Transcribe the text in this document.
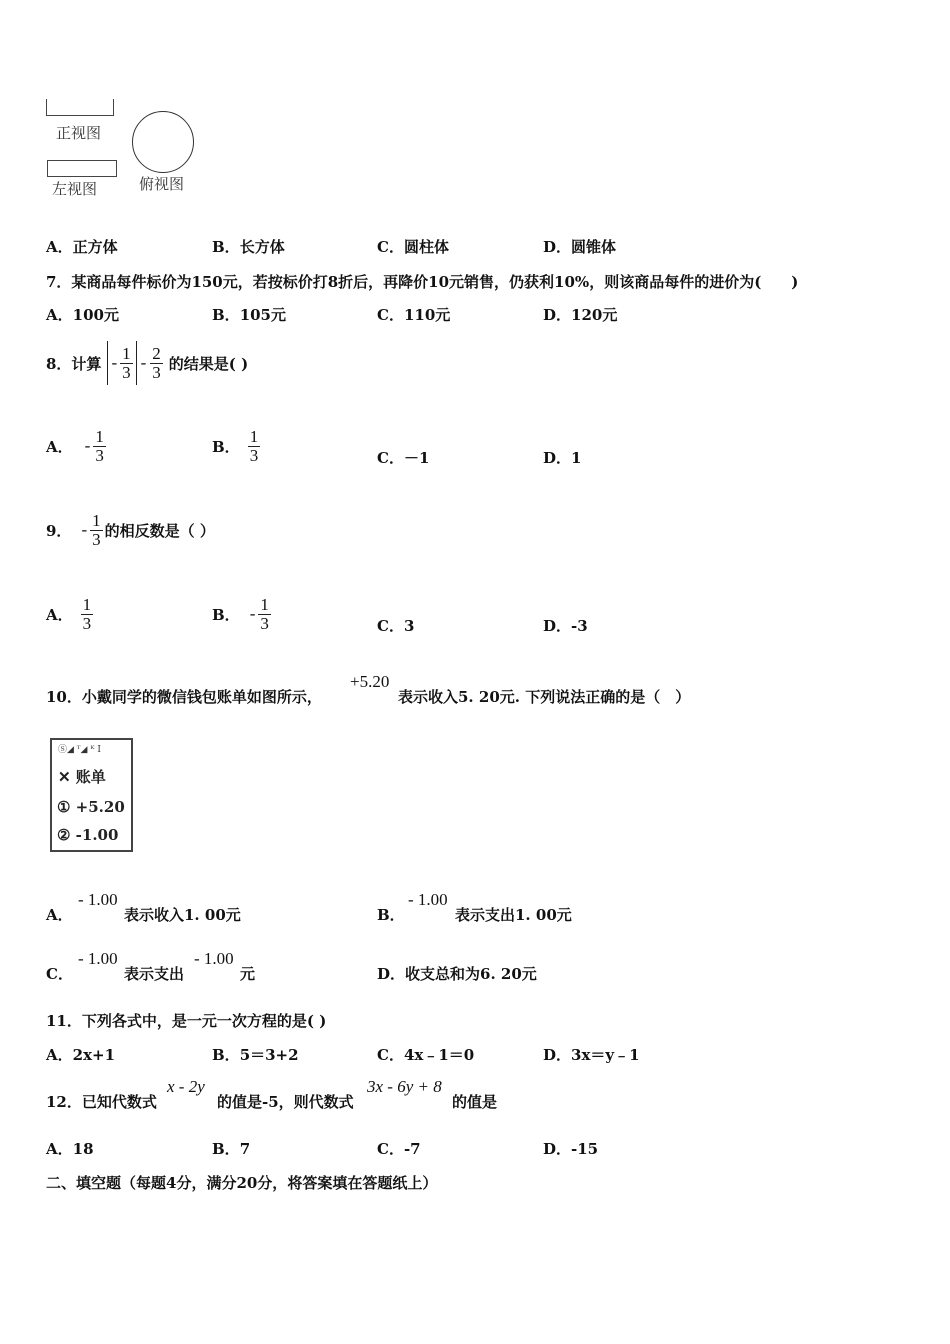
正视图
左视图	俯视图
A．正方体	B．长方体	C．圆柱体	D．圆锥体
7．某商品每件标价为150元，若按标价打8折后，再降价10元销售，仍获利10%，则该商品每件的进价为(　　)
A．100元	B．105元	C．110元	D．120元
8．计算 - $\frac{1}{3} - \frac{2}{3}$ 的结果是( )
A． - $\frac{1}{3}$	B． $\frac{1}{3}$	C．－1	D．1
9． - $\frac{1}{3}$ 的相反数是（ ）
A． $\frac{1}{3}$	B． - $\frac{1}{3}$	C．3	D．-3
10．小戴同学的微信钱包账单如图所示，
+5.20
表示收入5. 20元. 下列说法正确的是（　）
Ⓢ◢ ᵀ◢ ᴷ Ⅰ
✕ 账单
① +5.20
② -1.00
A．
- 1.00
表示收入1. 00元	B．
- 1.00
表示支出1. 00元
C．
- 1.00
表示支出
- 1.00
元	D．收支总和为6. 20元
11．下列各式中，是一元一次方程的是( )
A．2x+1	B．5＝3+2	C．4x﹣1＝0	D．3x＝y﹣1
12．已知代数式
x - 2y
的值是-5，则代数式
3x - 6y + 8
的值是
A．18	B．7	C．-7	D．-15
二、填空题（每题4分，满分20分，将答案填在答题纸上）
